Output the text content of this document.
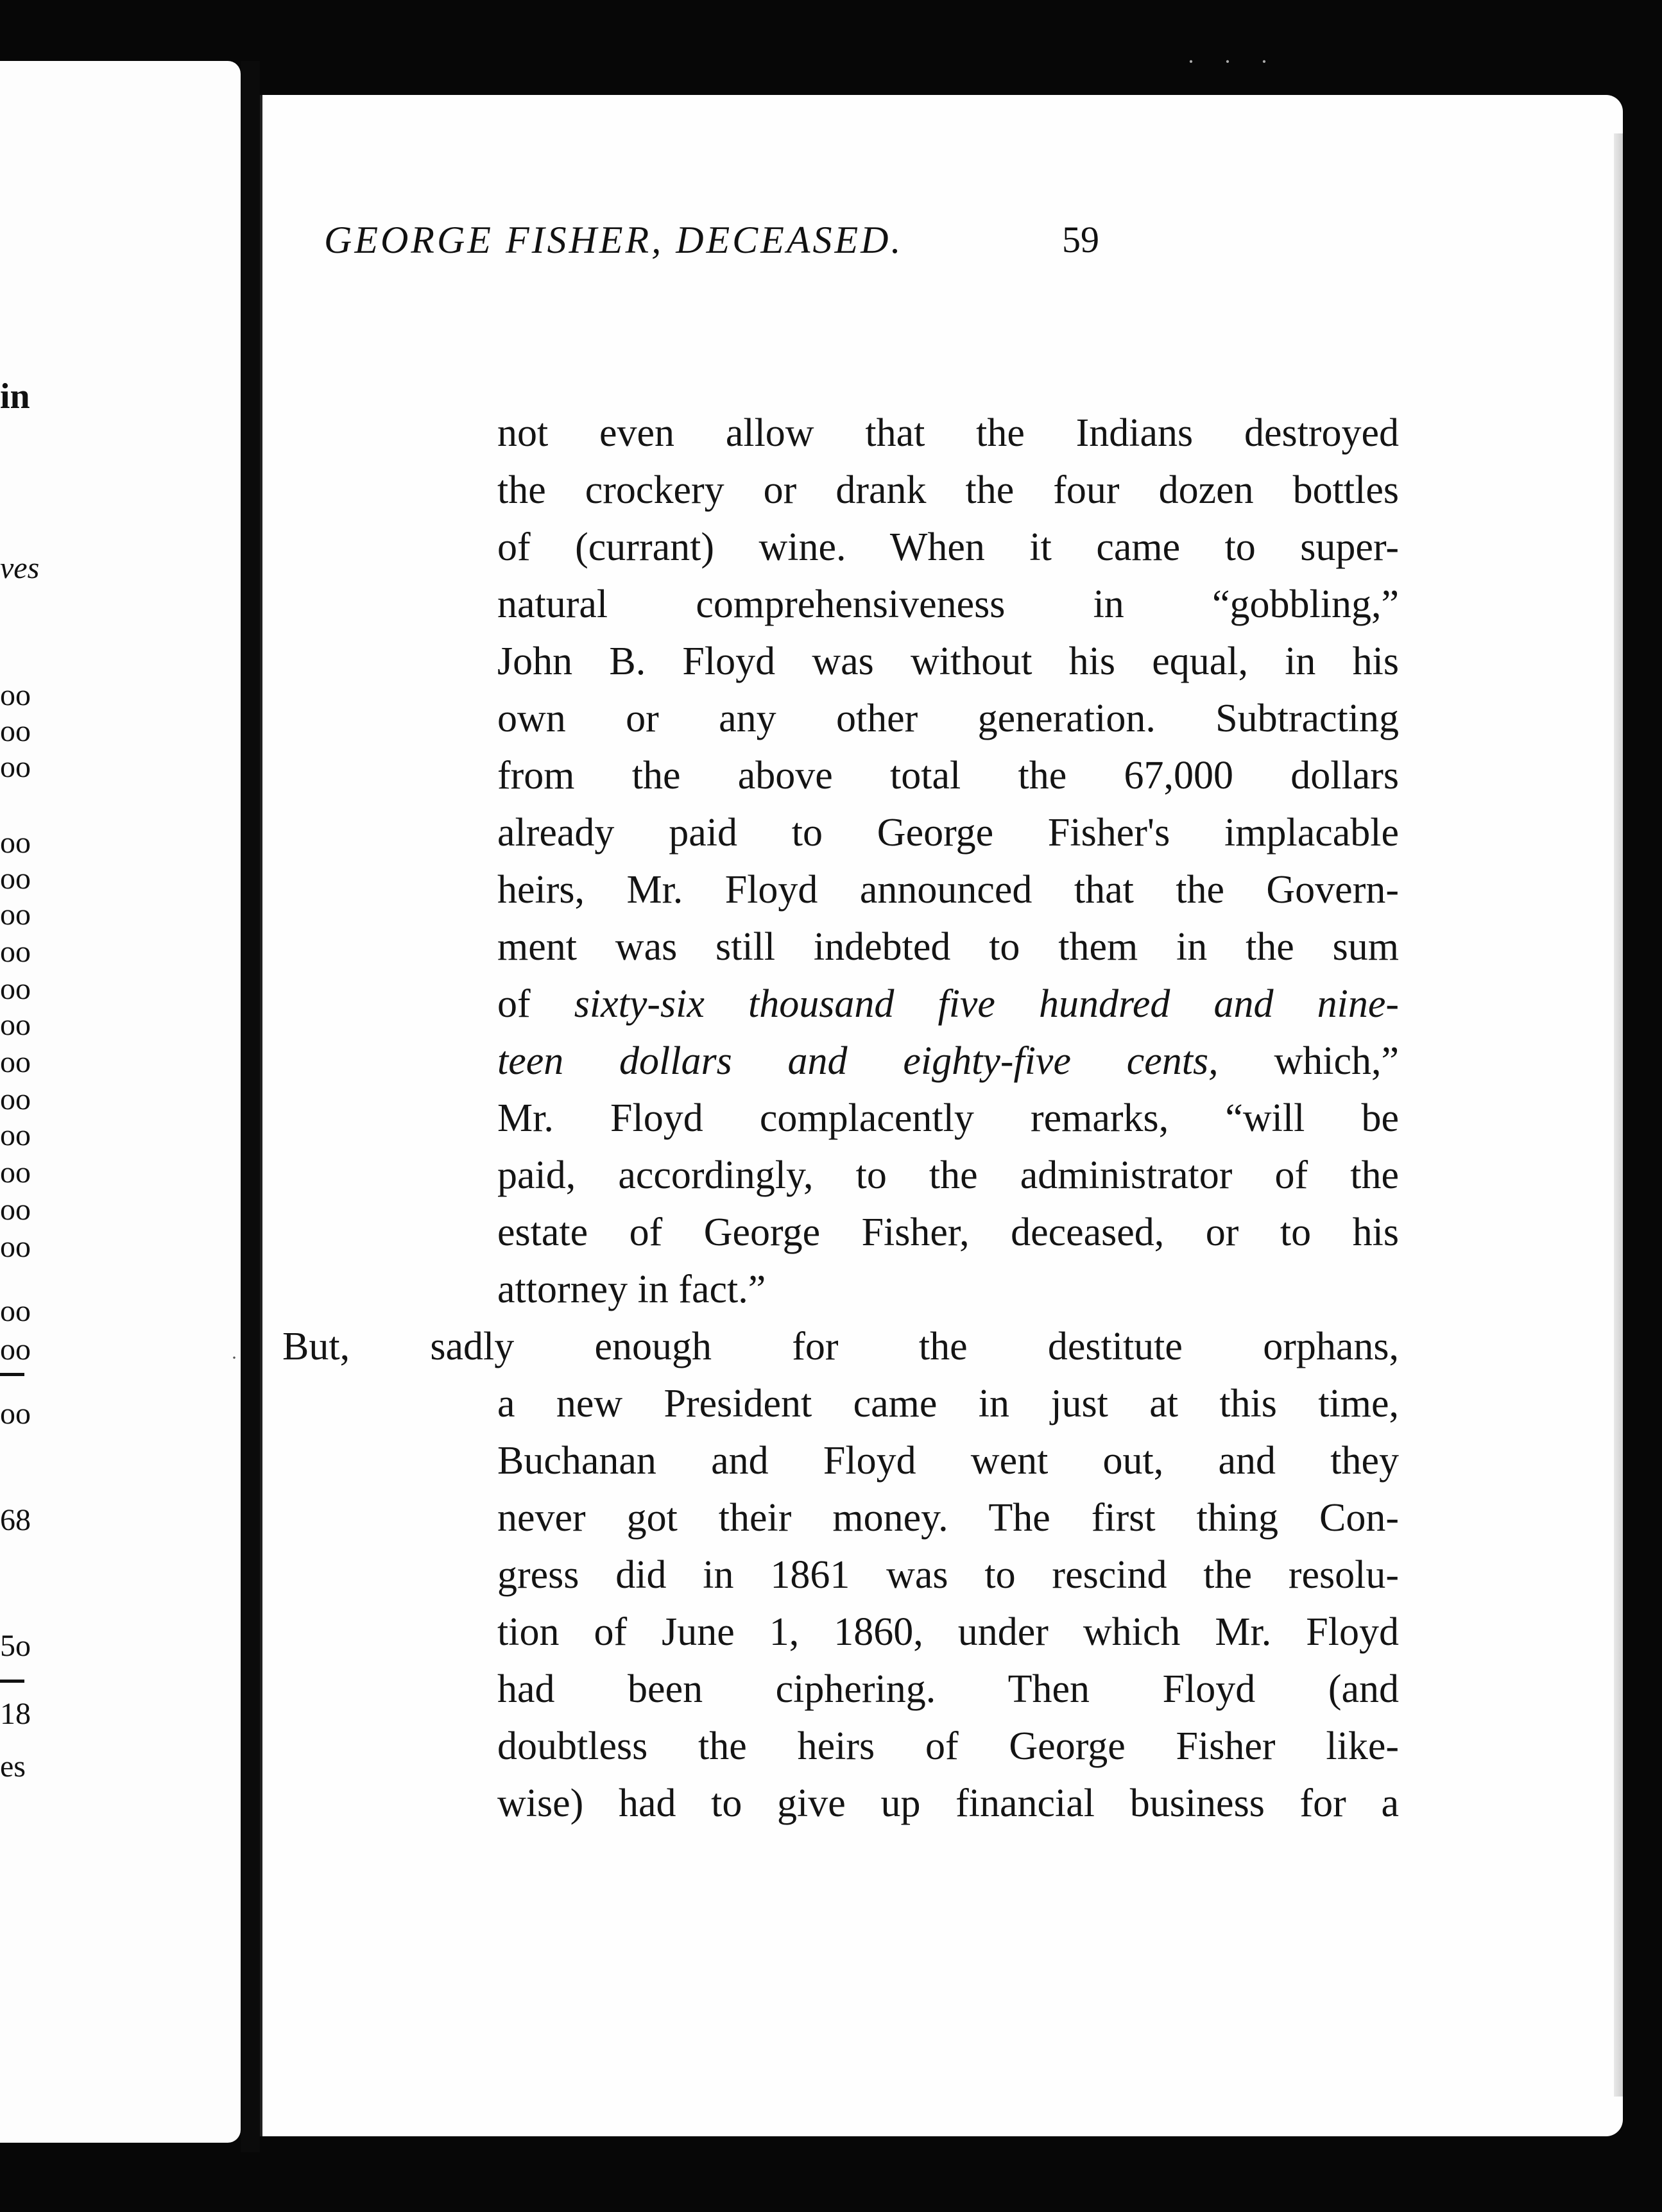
in
ves
oo
oo
oo
oo
oo
oo
oo
oo
oo
oo
oo
oo
oo
oo
oo
oo
oo
oo
68
5o
18
es
· · ·
GEORGE FISHER, DECEASED.	59
not even allow that the Indians destroyed
the crockery or drank the four dozen bottles
of (currant) wine. When it came to super-
natural comprehensiveness in “gobbling,”
John B. Floyd was without his equal, in his
own or any other generation. Subtracting
from the above total the 67,000 dollars
already paid to George Fisher's implacable
heirs, Mr. Floyd announced that the Govern-
ment was still indebted to them in the sum
of sixty-six thousand five hundred and nine-
teen dollars and eighty-five cents, which,”
Mr. Floyd complacently remarks, “will be
paid, accordingly, to the administrator of the
estate of George Fisher, deceased, or to his
attorney in fact.”
But, sadly enough for the destitute orphans,
a new President came in just at this time,
Buchanan and Floyd went out, and they
never got their money. The first thing Con-
gress did in 1861 was to rescind the resolu-
tion of June 1, 1860, under which Mr. Floyd
had been ciphering. Then Floyd (and
doubtless the heirs of George Fisher like-
wise) had to give up financial business for a
·
